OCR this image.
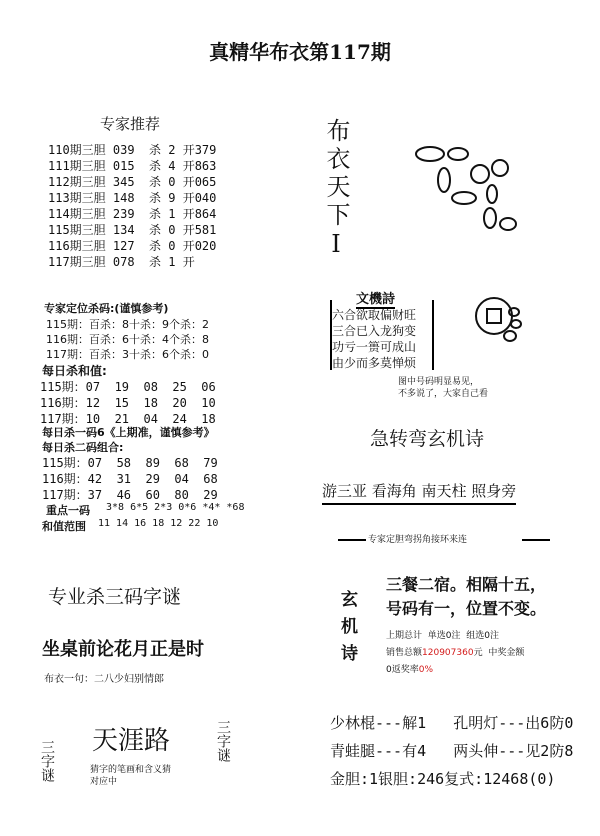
真精华布衣第117期
专家推荐
110期三胆 039  杀 2 开379
111期三胆 015  杀 4 开863
112期三胆 345  杀 0 开065
113期三胆 148  杀 9 开040
114期三胆 239  杀 1 开864
115期三胆 134  杀 0 开581
116期三胆 127  杀 0 开020
117期三胆 078  杀 1 开
专家定位杀码:(谨慎参考)
115期：百杀：8十杀：9个杀：2
116期：百杀：6十杀：4个杀：8
117期：百杀：3十杀：6个杀：0
每日杀和值:
115期：07  19  08  25  06
116期：12  15  18  20  10
117期：10  21  04  24  18
每日杀一码6《上期准，谨慎参考》
每日杀二码组合:
115期：07  58  89  68  79
116期：42  31  29  04  68
117期：37  46  60  80  29
重点一码 3*8 6*5 2*3 0*6 *4* *68
和值范围 11 14 16 18 12 22 10
布衣天下I
文機詩
六合欲取偏财旺
三合已入龙狗变
功亏一篑可成山
由少而多莫惮烦
图中号码明显易见，
不多说了，大家自己看
急转弯玄机诗
游三亚 看海角 南天柱 照身旁
专家定胆弯拐角接环来连
玄机诗
三餐二宿。相隔十五，
号码有一，位置不变。
上期总计 单选0注 组选0注
销售总额120907360元 中奖金额
0返奖率0%
专业杀三码字谜
坐桌前论花月正是时
布衣一句：二八少妇别情郎
三字谜	三字谜
天涯路
猜字的笔画和含义猜
对应中
少林棍---解1   孔明灯---出6防0
青蛙腿---有4   两头伸---见2防8
金胆:1银胆:246复式:12468(0)
